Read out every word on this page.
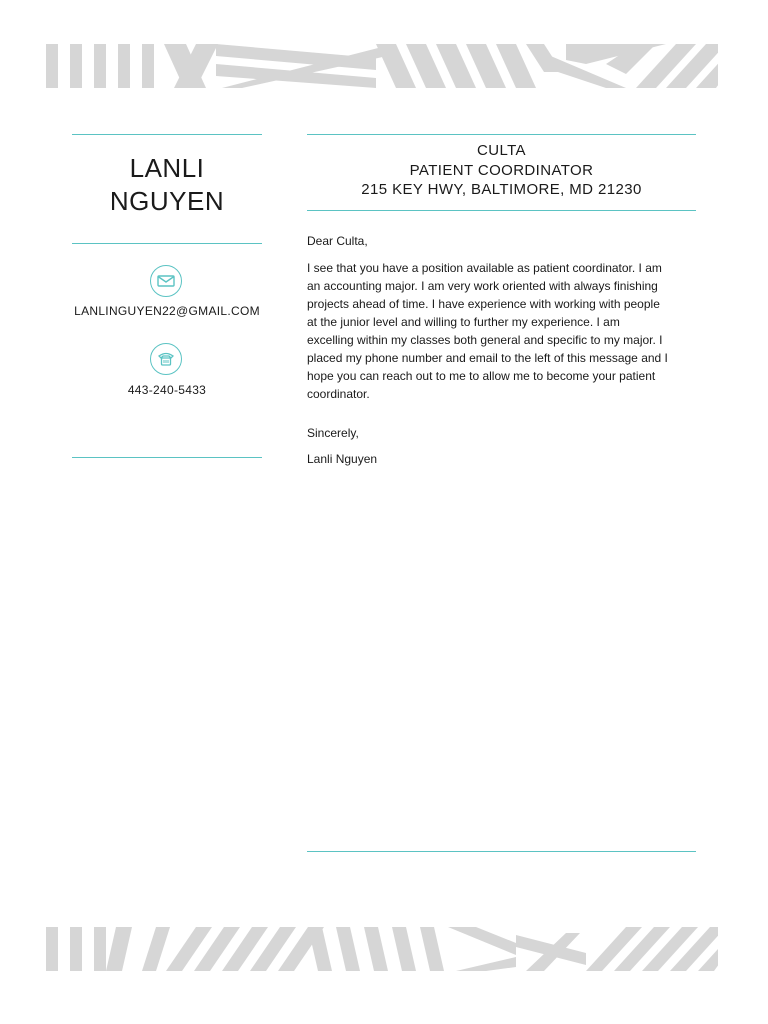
LANLI
NGUYEN
LANLINGUYEN22@GMAIL.COM
443-240-5433
CULTA
PATIENT COORDINATOR
215 KEY HWY, BALTIMORE, MD 21230
Dear Culta,

I see that you have a position available as patient coordinator. I am

an accounting major. I am very work oriented with always finishing

projects ahead of time. I have experience with working with people

at the junior level and willing to further my experience. I am

excelling within my classes both general and specific to my major. I

placed my phone number and email to the left of this message and I

hope you can reach out to me to allow me to become your patient

coordinator.

Sincerely,
Lanli Nguyen
